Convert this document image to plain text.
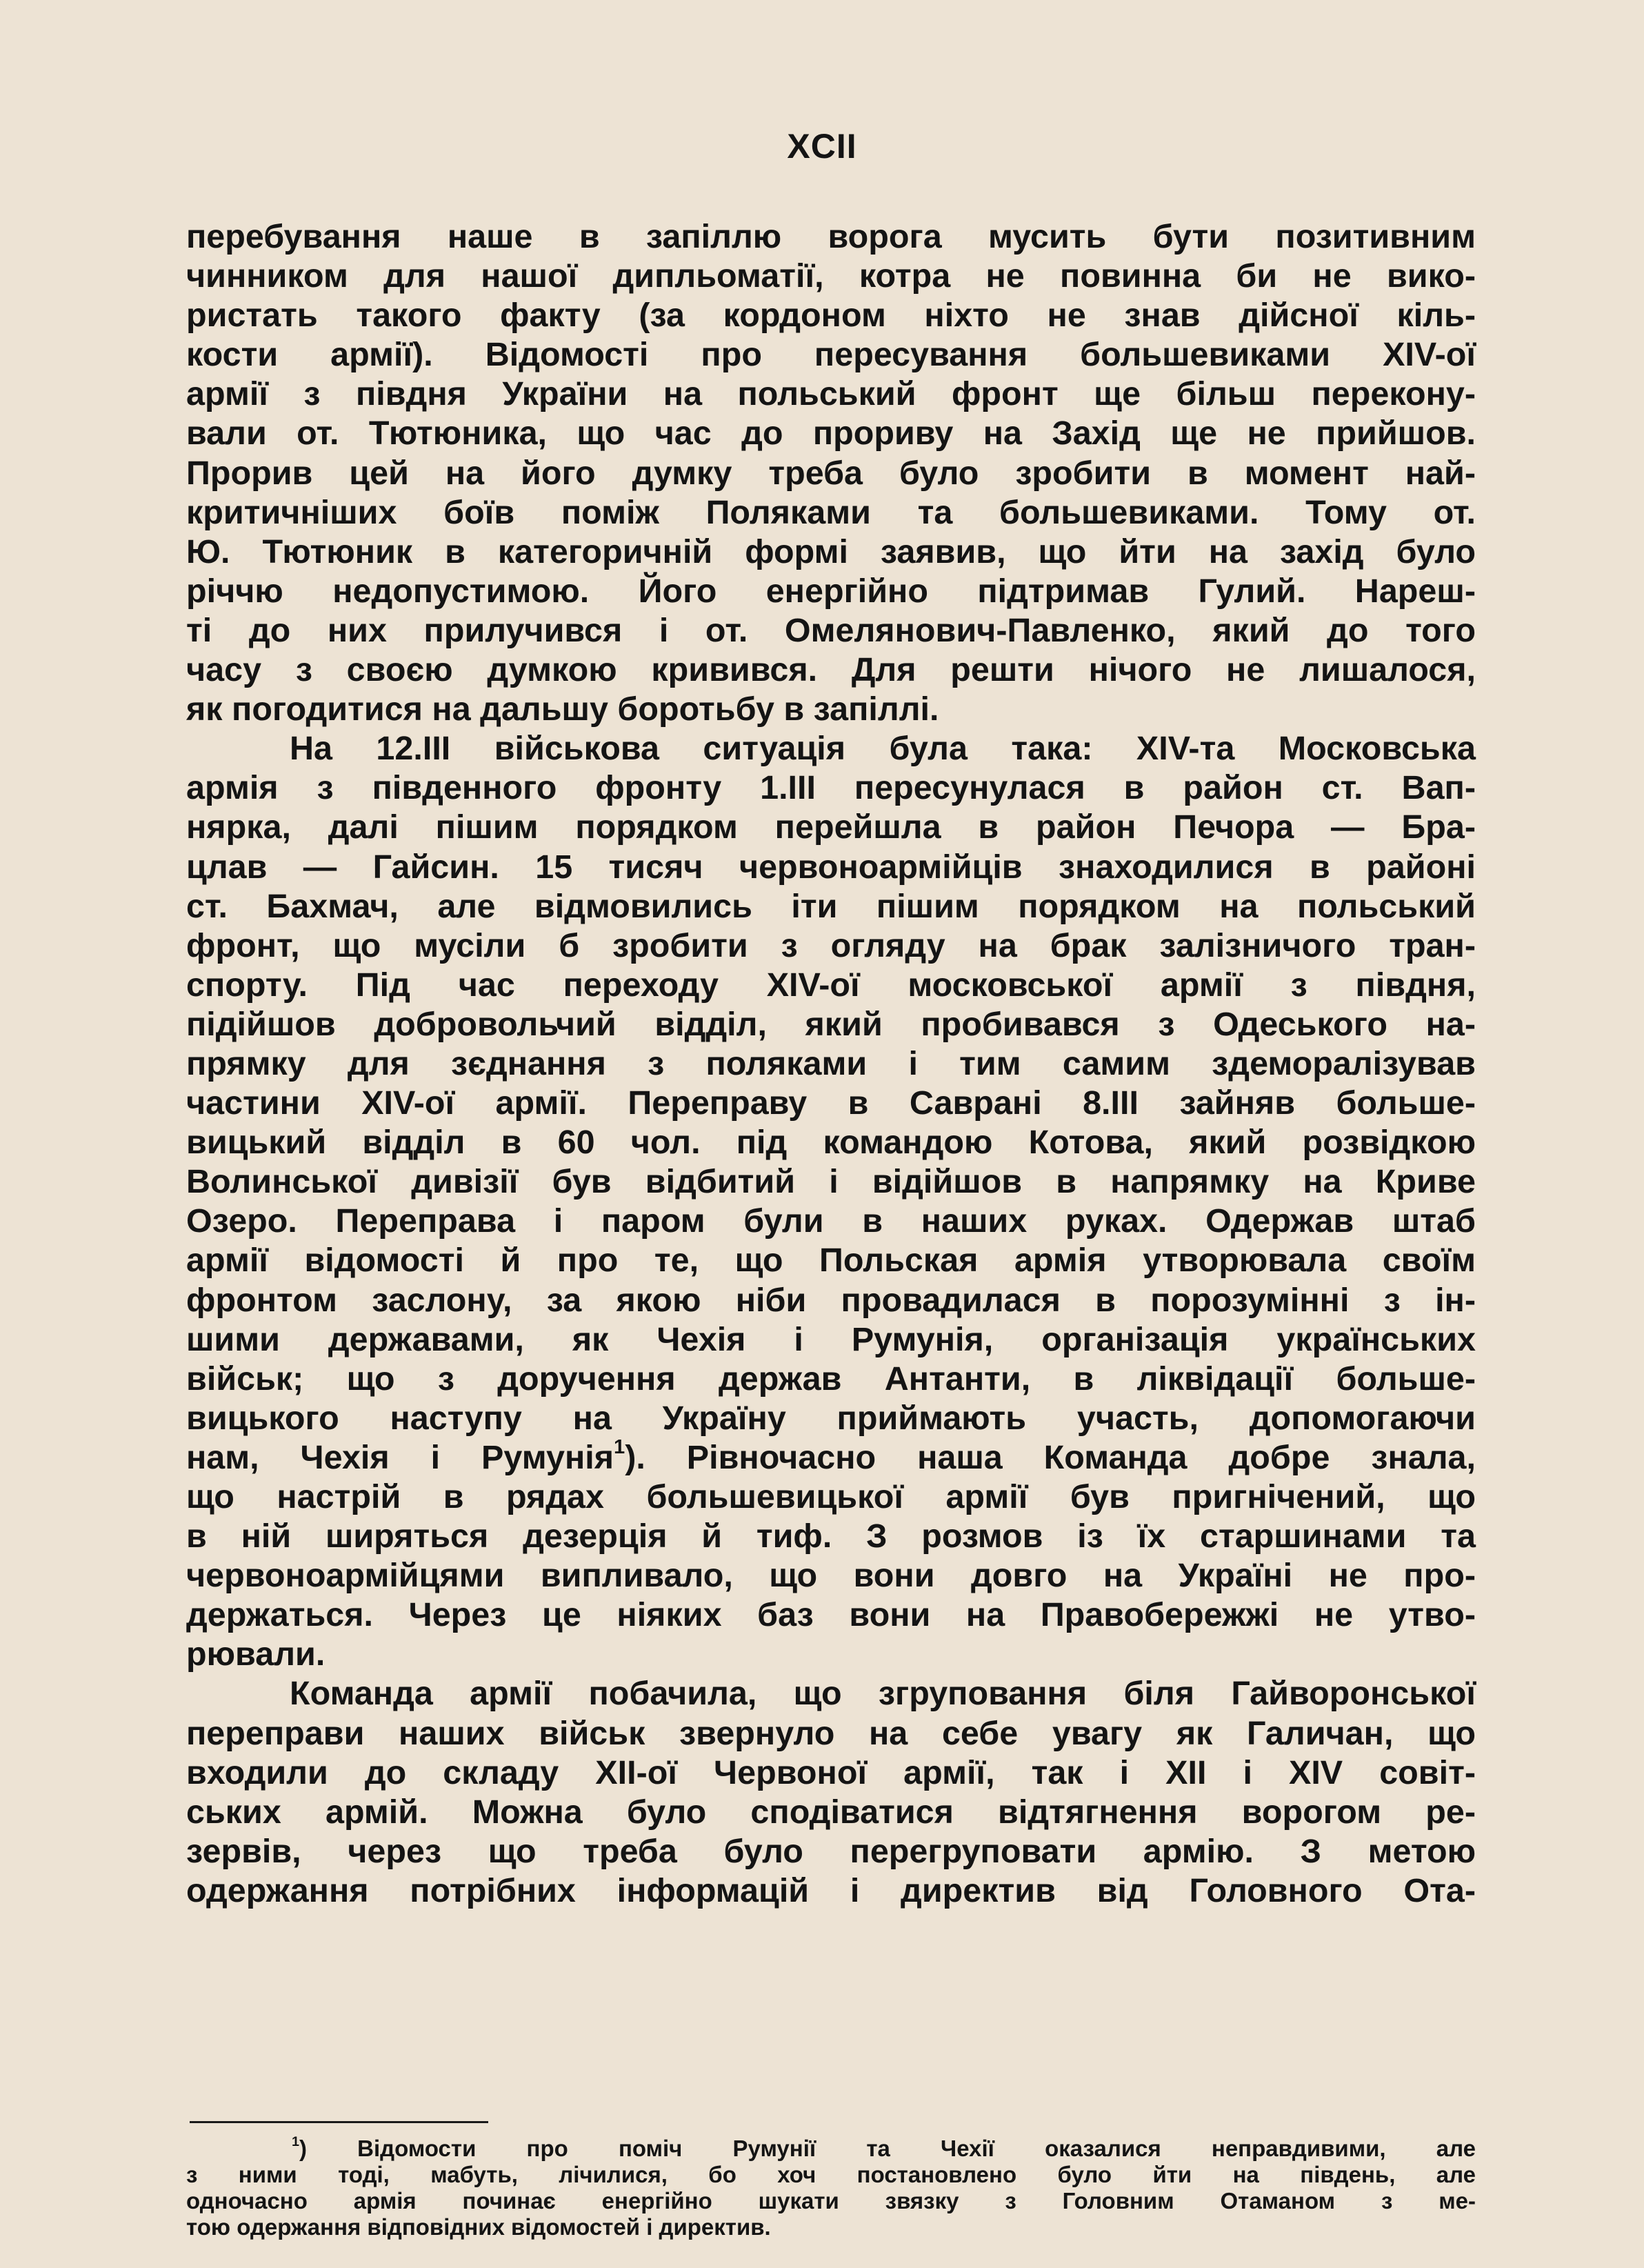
XCII
перебування наше в запіллю ворога мусить бути позитивним
чинником для нашої дипльоматії, котра не повинна би не вико-
ристать такого факту (за кордоном ніхто не знав дійсної кіль-
кости армії). Відомості про пересування большевиками XIV-ої
армії з півдня України на польський фронт ще більш перекону-
вали от. Тютюника, що час до прориву на Захід ще не прийшов.
Прорив цей на його думку треба було зробити в момент най-
критичніших боїв поміж Поляками та большевиками. Тому от.
Ю. Тютюник в категоричній формі заявив, що йти на захід було
річчю недопустимою. Його енергійно підтримав Гулий. Нареш-
ті до них прилучився і от. Омелянович-Павленко, який до того
часу з своєю думкою кривився. Для решти нічого не лишалося,
як погодитися на дальшу боротьбу в запіллі.
На 12.III військова ситуація була така: XIV-та Московська
армія з південного фронту 1.III пересунулася в район ст. Вап-
нярка, далі пішим порядком перейшла в район Печора — Бра-
цлав — Гайсин. 15 тисяч червоноармійців знаходилися в районі
ст. Бахмач, але відмовились іти пішим порядком на польський
фронт, що мусіли б зробити з огляду на брак залізничого тран-
спорту. Під час переходу XIV-ої московської армії з півдня,
підійшов добровольчий відділ, який пробивався з Одеського на-
прямку для зєднання з поляками і тим самим здеморалізував
частини XIV-ої армії. Переправу в Саврані 8.III зайняв больше-
вицький відділ в 60 чол. під командою Котова, який розвідкою
Волинської дивізії був відбитий і відійшов в напрямку на Криве
Озеро. Переправа і паром були в наших руках. Одержав штаб
армії відомості й про те, що Польская армія утворювала своїм
фронтом заслону, за якою ніби провадилася в порозумінні з ін-
шими державами, як Чехія і Румунія, організація українських
військ; що з доручення держав Антанти, в ліквідації больше-
вицького наступу на Україну приймають участь, допомогаючи
нам, Чехія і Румунія$^1$). Рівночасно наша Команда добре знала,
що настрій в рядах большевицької армії був пригнічений, що
в ній ширяться дезерція й тиф. З розмов із їх старшинами та
червоноармійцями випливало, що вони довго на Україні не про-
держаться. Через це ніяких баз вони на Правобережжі не утво-
рювали.
Команда армії побачила, що згруповання біля Гайворонської
переправи наших військ звернуло на себе увагу як Галичан, що
входили до складу XII-ої Червоної армії, так і XII і XIV совіт-
ських армій. Можна було сподіватися відтягнення ворогом ре-
зервів, через що треба було перегруповати армію. З метою
одержання потрібних інформацій і директив від Головного Ота-
$^1$) Відомости про поміч Румунії та Чехії оказалися неправдивими, але
з ними тоді, мабуть, лічилися, бо хоч постановлено було йти на південь, але
одночасно армія починає енергійно шукати звязку з Головним Отаманом з ме-
тою одержання відповідних відомостей і директив.
